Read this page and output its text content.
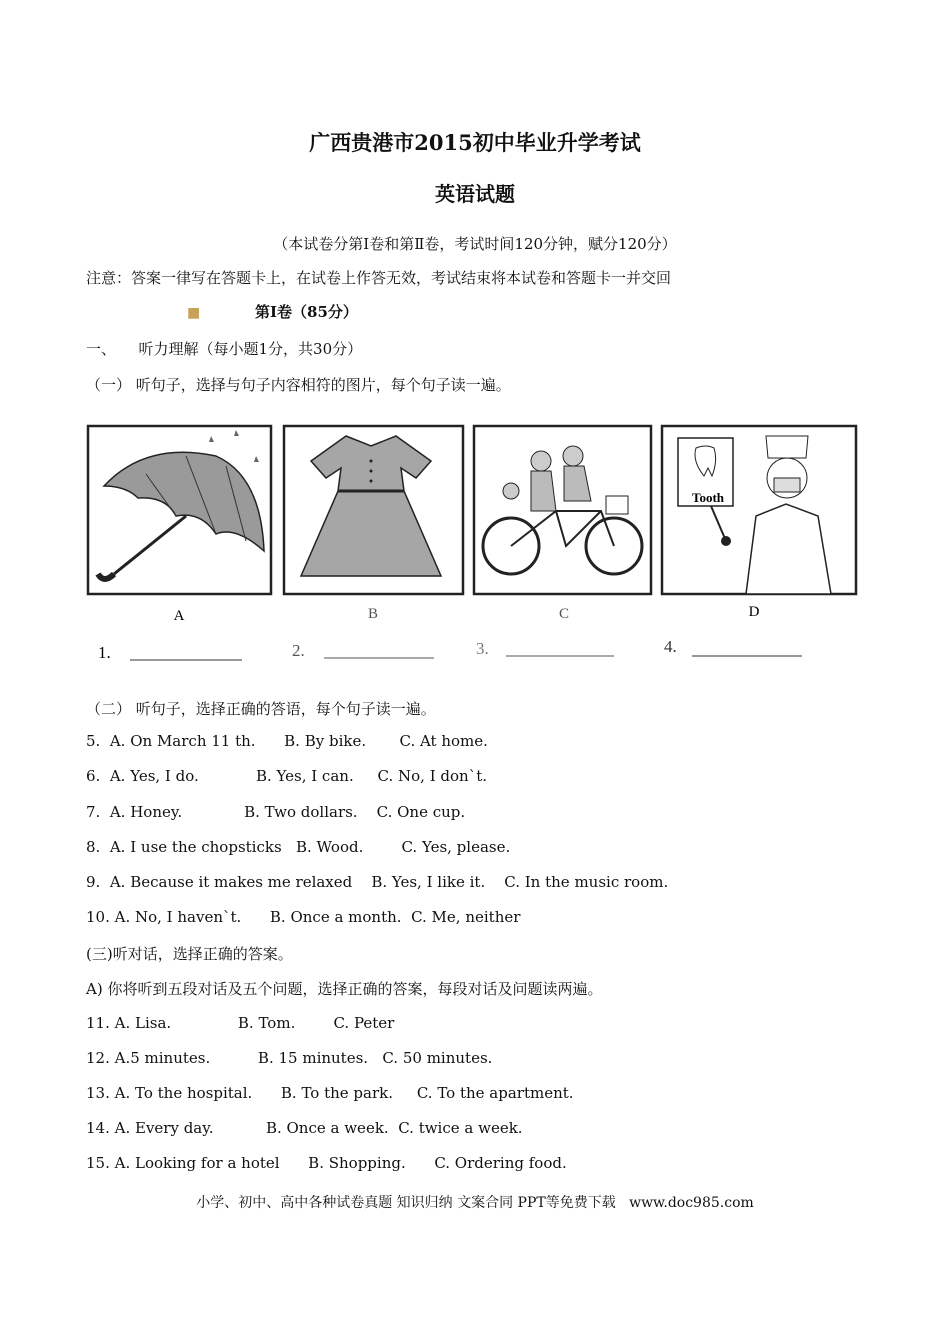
广西贵港市2015初中毕业升学考试
英语试题
（本试卷分第Ⅰ卷和第Ⅱ卷，考试时间120分钟，赋分120分）
注意：答案一律写在答题卡上，在试卷上作答无效，考试结束将本试卷和答题卡一并交回
■	第Ⅰ卷（85分）
一、　　听力理解（每小题1分，共30分）
（一） 听句子，选择与句子内容相符的图片，每个句子读一遍。
Tooth
A	B	C	D
1.	2.	3.	4.
（二） 听句子，选择正确的答语，每个句子读一遍。
5.  A. On March 11 th.      B. By bike.       C. At home.
6.  A. Yes, I do.            B. Yes, I can.     C. No, I don`t.
7.  A. Honey.             B. Two dollars.    C. One cup.
8.  A. I use the chopsticks   B. Wood.        C. Yes, please.
9.  A. Because it makes me relaxed    B. Yes, I like it.    C. In the music room.
10. A. No, I haven`t.      B. Once a month.  C. Me, neither
(三)听对话，选择正确的答案。
A) 你将听到五段对话及五个问题，选择正确的答案，每段对话及问题读两遍。
11. A. Lisa.              B. Tom.        C. Peter
12. A.5 minutes.          B. 15 minutes.   C. 50 minutes.
13. A. To the hospital.      B. To the park.     C. To the apartment.
14. A. Every day.           B. Once a week.  C. twice a week.
15. A. Looking for a hotel      B. Shopping.      C. Ordering food.
小学、初中、高中各种试卷真题 知识归纳 文案合同 PPT等免费下载   www.doc985.com
